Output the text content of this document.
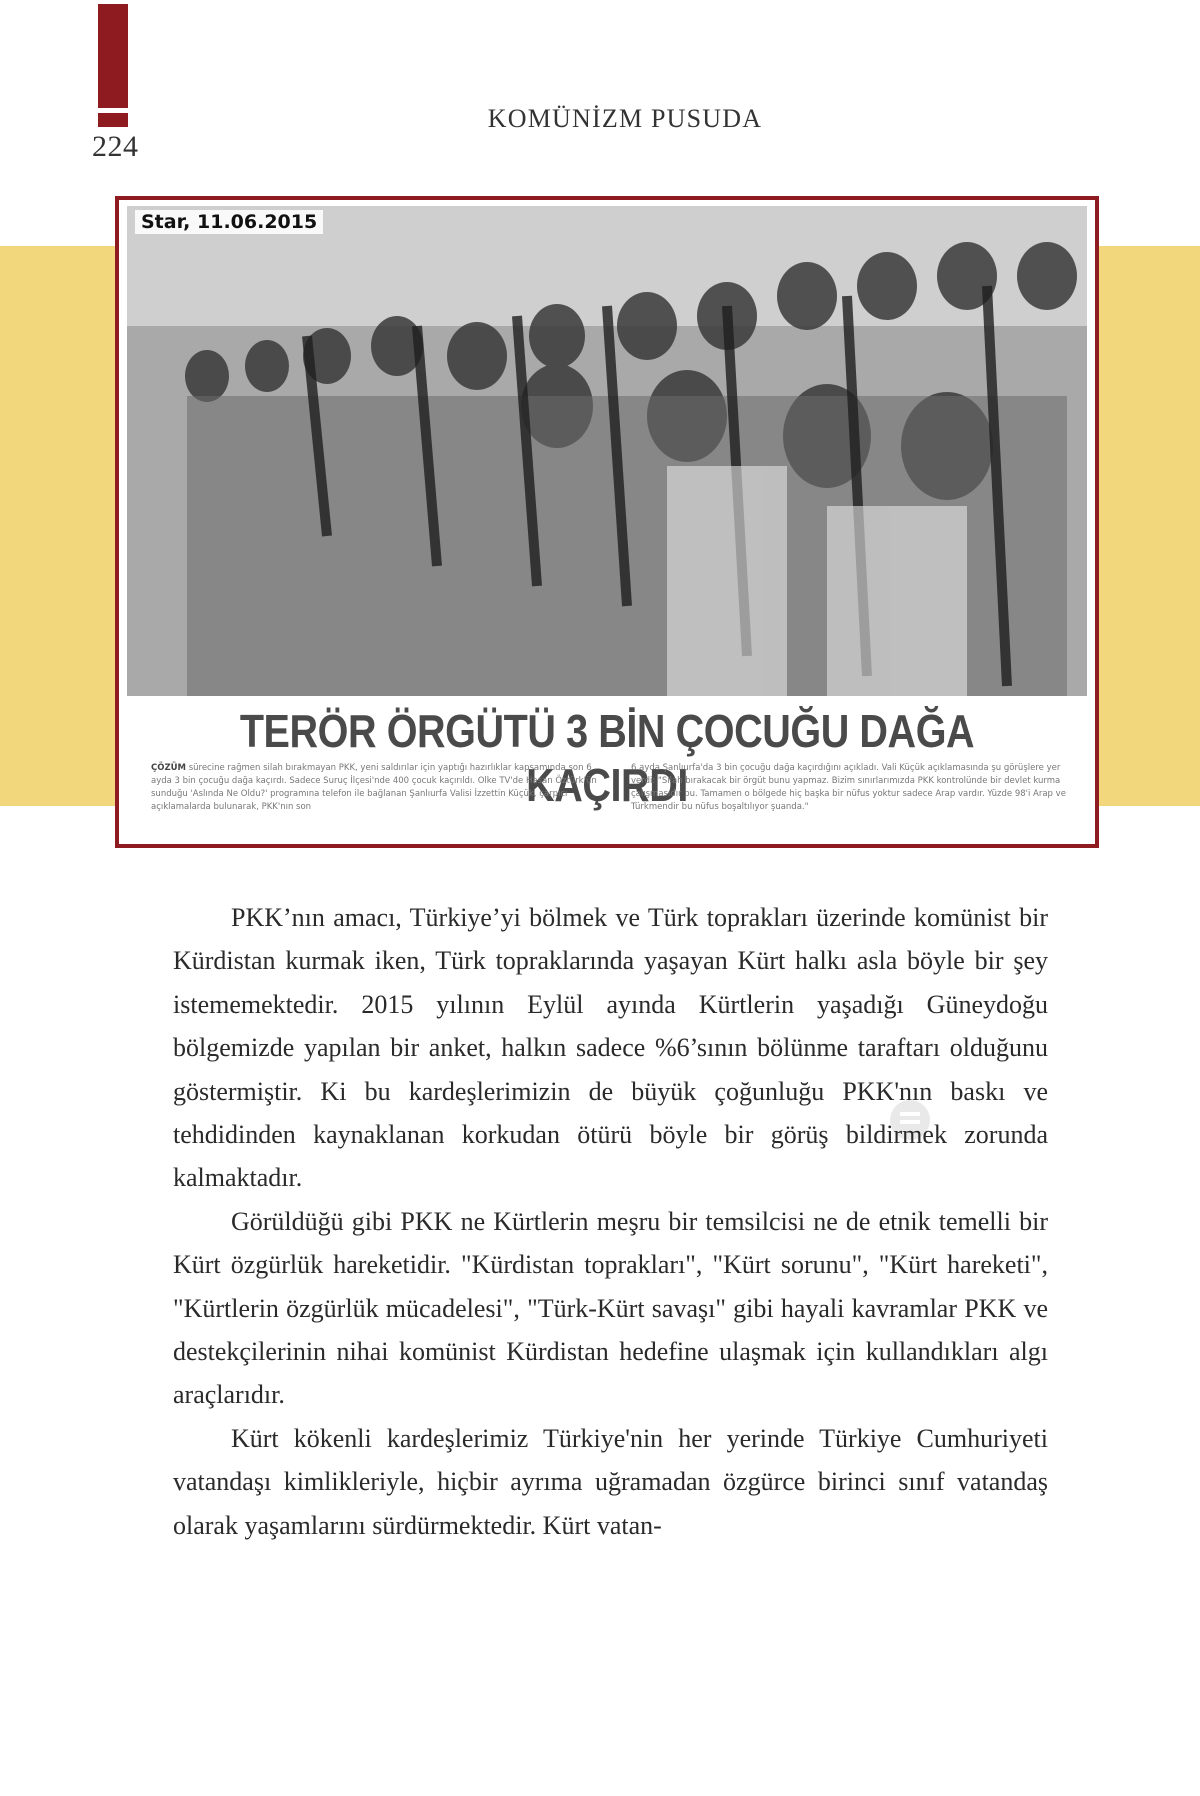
224
KOMÜNİZM PUSUDA
Star, 11.06.2015
TERÖR ÖRGÜTÜ 3 BİN ÇOCUĞU DAĞA KAÇIRDI
ÇÖZÜM sürecine rağmen silah bırakmayan PKK, yeni saldırılar için yaptığı hazırlıklar kapsamında son 6 ayda 3 bin çocuğu dağa kaçırdı. Sadece Suruç İlçesi'nde 400 çocuk kaçırıldı. Olke TV'de Hasan Öztürk'ün sunduğu 'Aslında Ne Oldu?' programına telefon ile bağlanan Şanlıurfa Valisi İzzettin Küçük, çarpıcı açıklamalarda bulunarak, PKK'nın son
6 ayda Şanlıurfa'da 3 bin çocuğu dağa kaçırdığını açıkladı. Vali Küçük açıklamasında şu görüşlere yer verdi: "Silah bırakacak bir örgüt bunu yapmaz. Bizim sınırlarımızda PKK kontrolünde bir devlet kurma çalışmasıdır bu. Tamamen o bölgede hiç başka bir nüfus yoktur sadece Arap vardır. Yüzde 98'i Arap ve Türkmendir bu nüfus boşaltılıyor şuanda."

PKK’nın amacı, Türkiye’yi bölmek ve Türk toprakları üzerinde komünist bir Kürdistan kurmak iken, Türk topraklarında yaşayan Kürt halkı asla böyle bir şey istememektedir. 2015 yılının Eylül ayında Kürtlerin yaşadığı Güneydoğu bölgemizde yapılan bir anket, halkın sadece %6’sının bölünme taraftarı olduğunu göstermiştir. Ki bu kardeşlerimizin de büyük çoğunluğu PKK'nın baskı ve tehdidinden kaynaklanan korkudan ötürü böyle bir görüş bildirmek zorunda kalmaktadır.

Görüldüğü gibi PKK ne Kürtlerin meşru bir temsilcisi ne de etnik temelli bir Kürt özgürlük hareketidir. "Kürdistan toprakları", "Kürt sorunu", "Kürt hareketi", "Kürtlerin özgürlük mücadelesi", "Türk-Kürt savaşı" gibi hayali kavramlar PKK ve destekçilerinin nihai komünist Kürdistan hedefine ulaşmak için kullandıkları algı araçlarıdır.

Kürt kökenli kardeşlerimiz Türkiye'nin her yerinde Türkiye Cumhuriyeti vatandaşı kimlikleriyle, hiçbir ayrıma uğramadan özgürce birinci sınıf vatandaş olarak yaşamlarını sürdürmektedir. Kürt vatan-
